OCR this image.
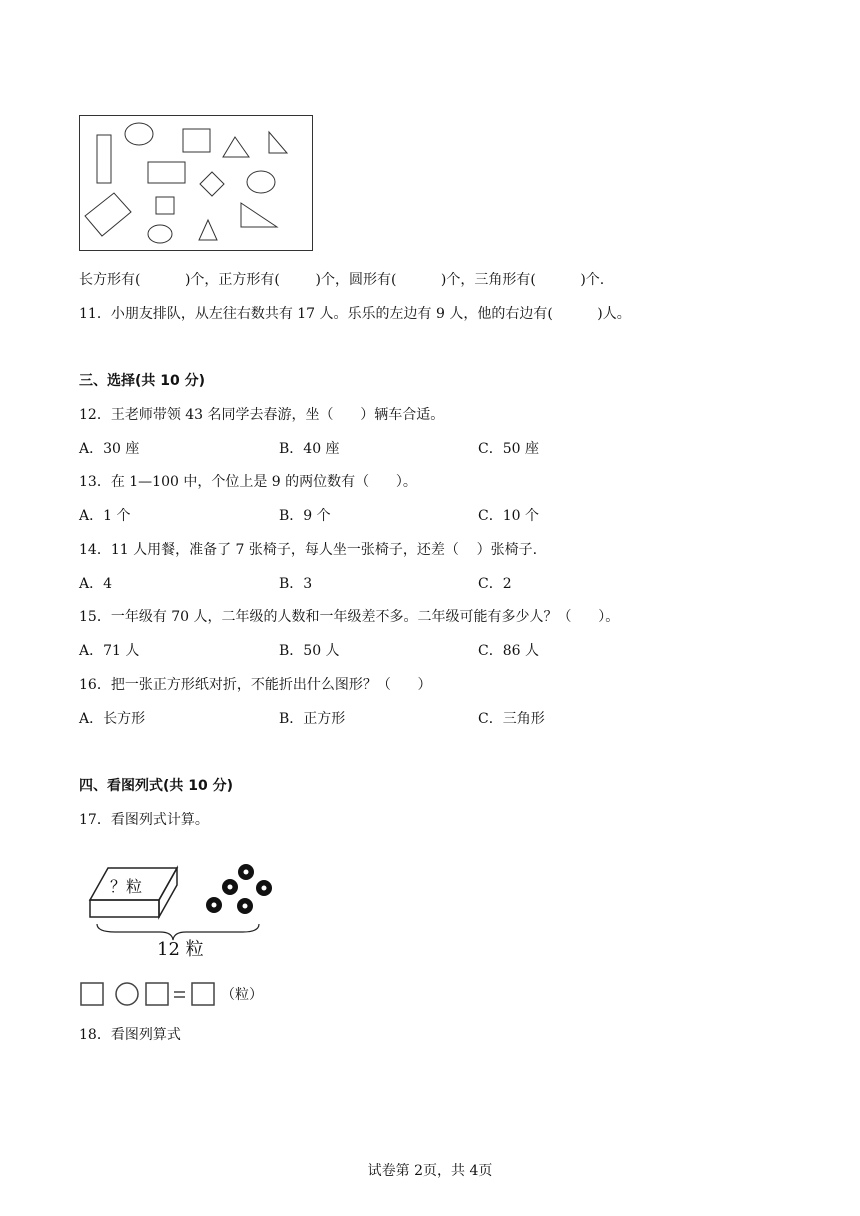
长方形有(          )个，正方形有(        )个，圆形有(          )个，三角形有(          )个.
11．小朋友排队，从左往右数共有 17 人。乐乐的左边有 9 人，他的右边有(          )人。
三、选择(共 10 分)
12．王老师带领 43 名同学去春游，坐（      ）辆车合适。
A．30 座	B．40 座	C．50 座
13．在 1—100 中，个位上是 9 的两位数有（      ）。
A．1 个	B．9 个	C．10 个
14．11 人用餐，准备了 7 张椅子，每人坐一张椅子，还差（    ）张椅子.
A．4	B．3	C．2
15．一年级有 70 人，二年级的人数和一年级差不多。二年级可能有多少人？（      ）。
A．71 人	B．50 人	C．86 人
16．把一张正方形纸对折，不能折出什么图形？（      ）
A．长方形	B．正方形	C．三角形
四、看图列式(共 10 分)
17．看图列式计算。
？粒
12 粒
（粒）
18．看图列算式
试卷第 2页，共 4页
